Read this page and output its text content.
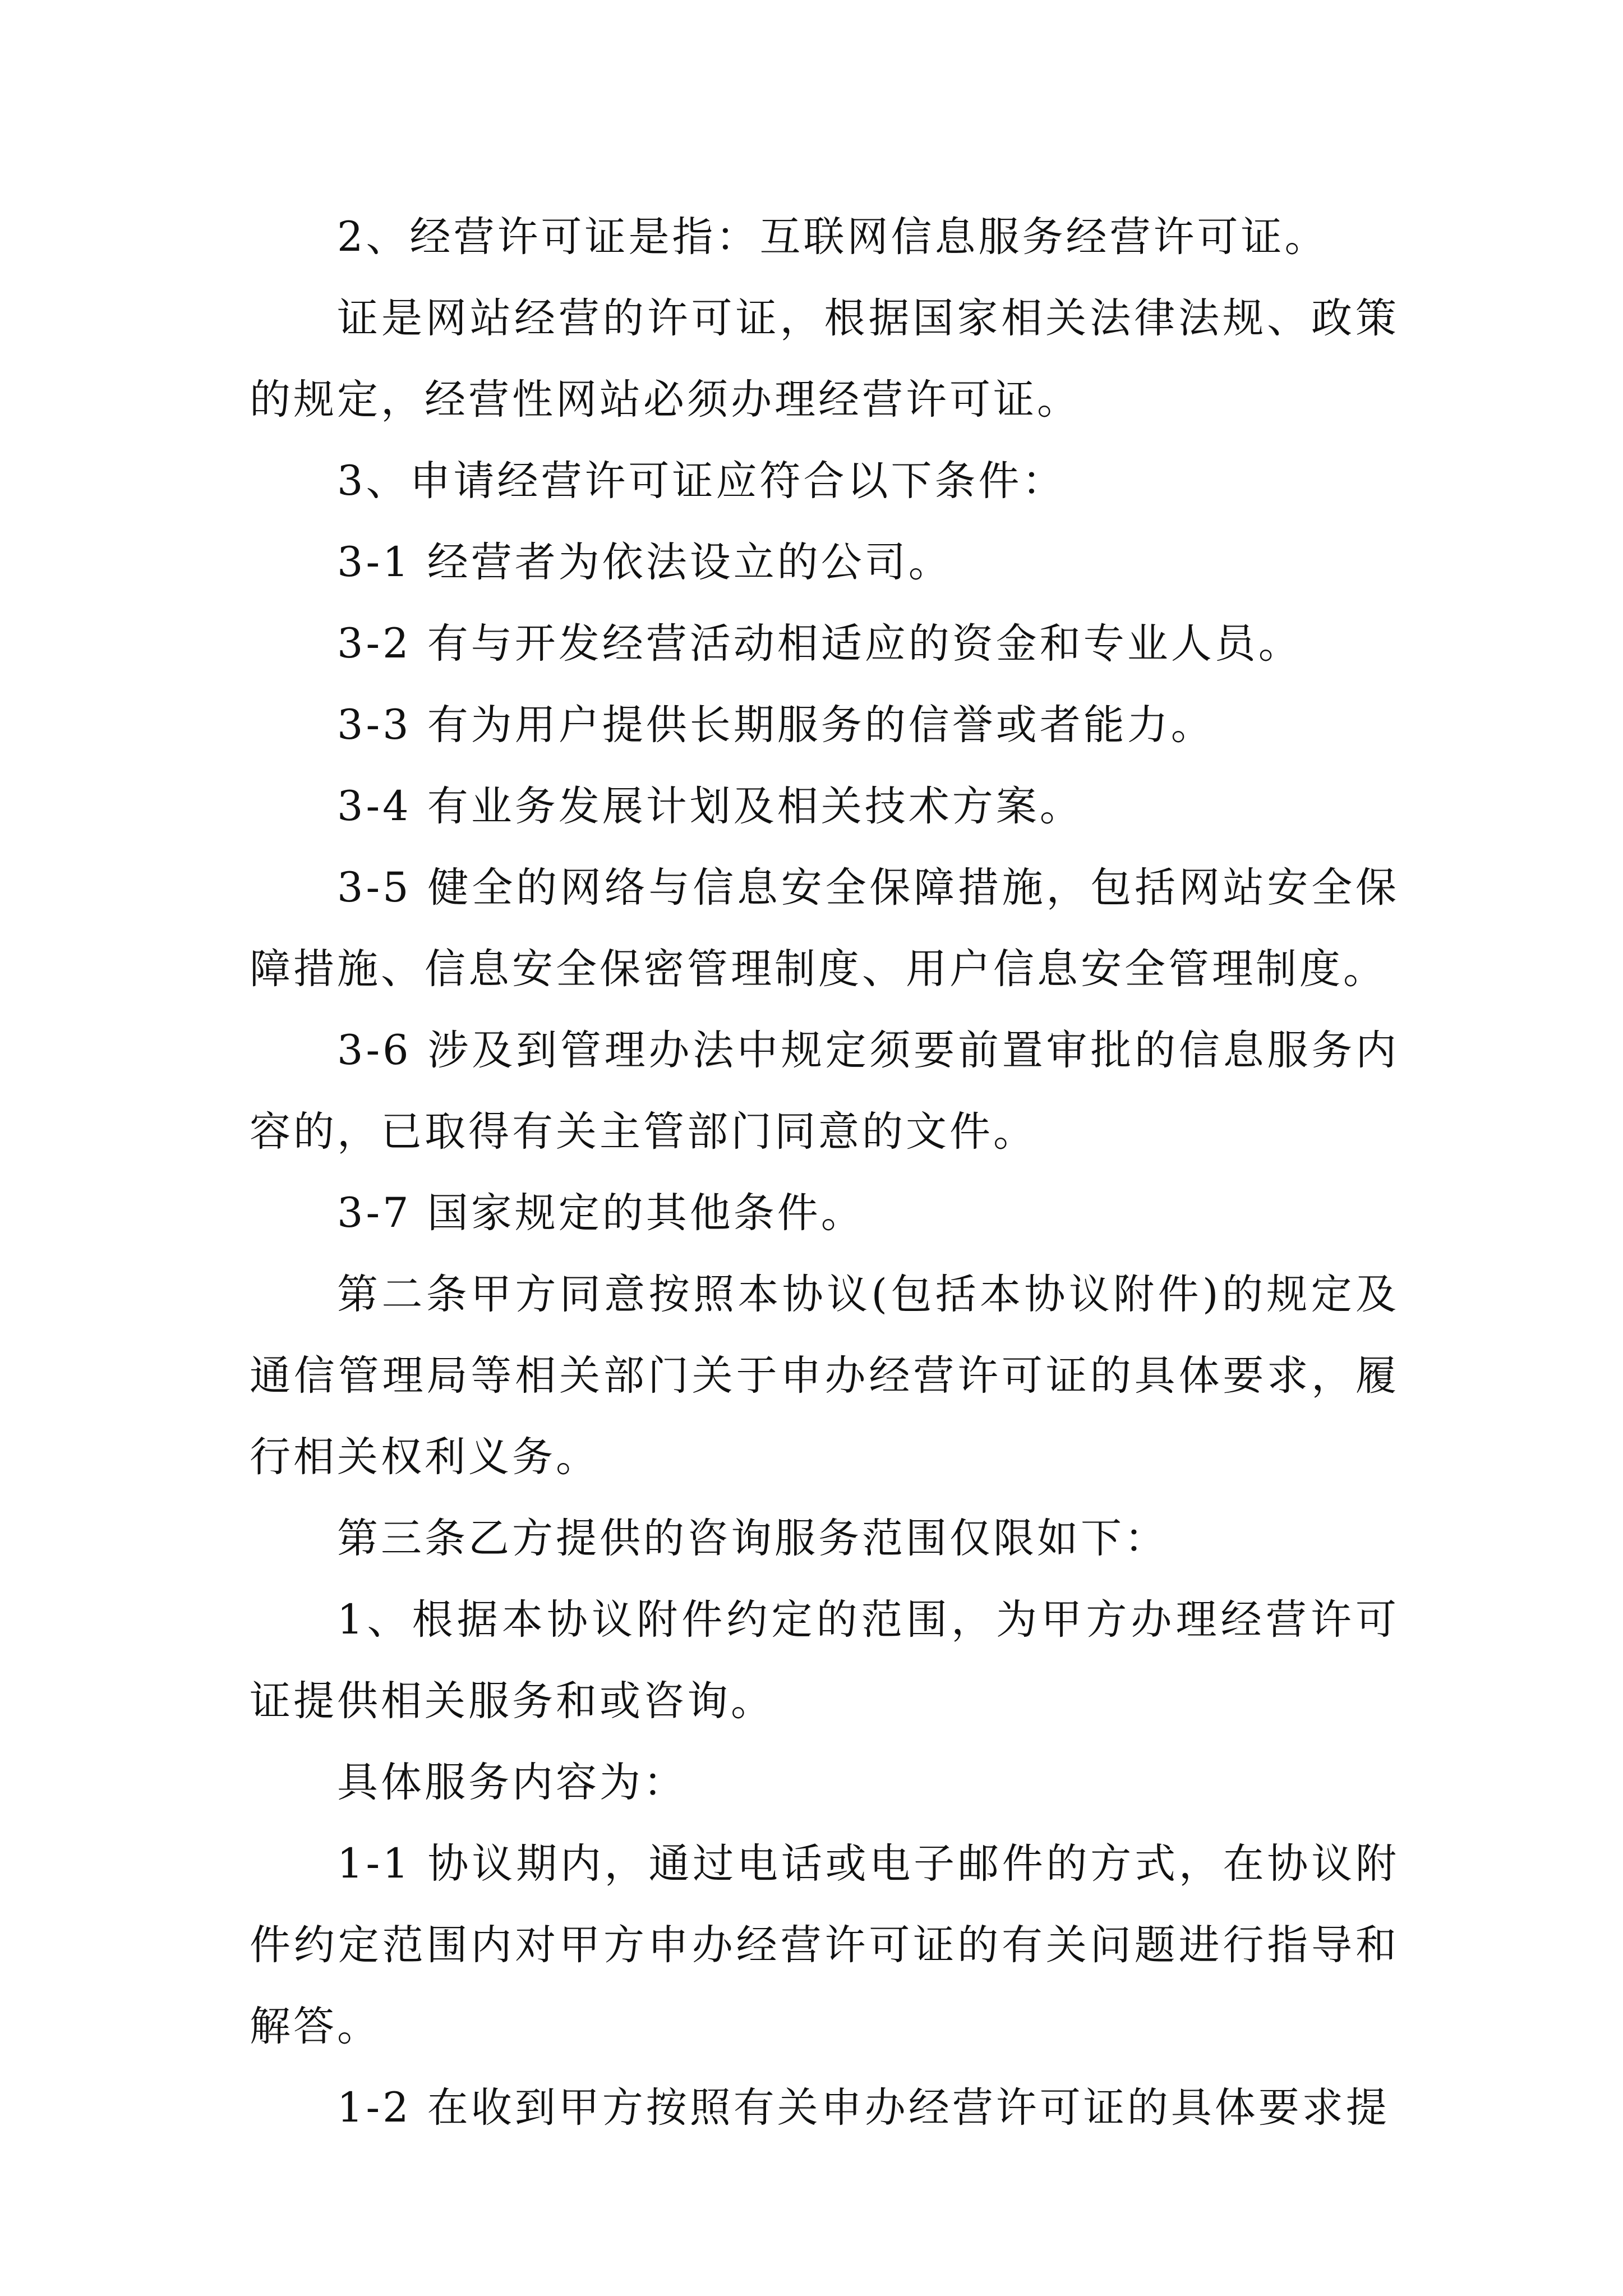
2、经营许可证是指：互联网信息服务经营许可证。

证是网站经营的许可证，根据国家相关法律法规、政策的规定，经营性网站必须办理经营许可证。

3、申请经营许可证应符合以下条件：

3-1 经营者为依法设立的公司。

3-2 有与开发经营活动相适应的资金和专业人员。

3-3 有为用户提供长期服务的信誉或者能力。

3-4 有业务发展计划及相关技术方案。

3-5 健全的网络与信息安全保障措施，包括网站安全保障措施、信息安全保密管理制度、用户信息安全管理制度。

3-6 涉及到管理办法中规定须要前置审批的信息服务内容的，已取得有关主管部门同意的文件。

3-7 国家规定的其他条件。

第二条甲方同意按照本协议(包括本协议附件)的规定及通信管理局等相关部门关于申办经营许可证的具体要求，履行相关权利义务。

第三条乙方提供的咨询服务范围仅限如下：

1、根据本协议附件约定的范围，为甲方办理经营许可证提供相关服务和或咨询。

具体服务内容为：

1-1 协议期内，通过电话或电子邮件的方式，在协议附件约定范围内对甲方申办经营许可证的有关问题进行指导和解答。

1-2 在收到甲方按照有关申办经营许可证的具体要求提
